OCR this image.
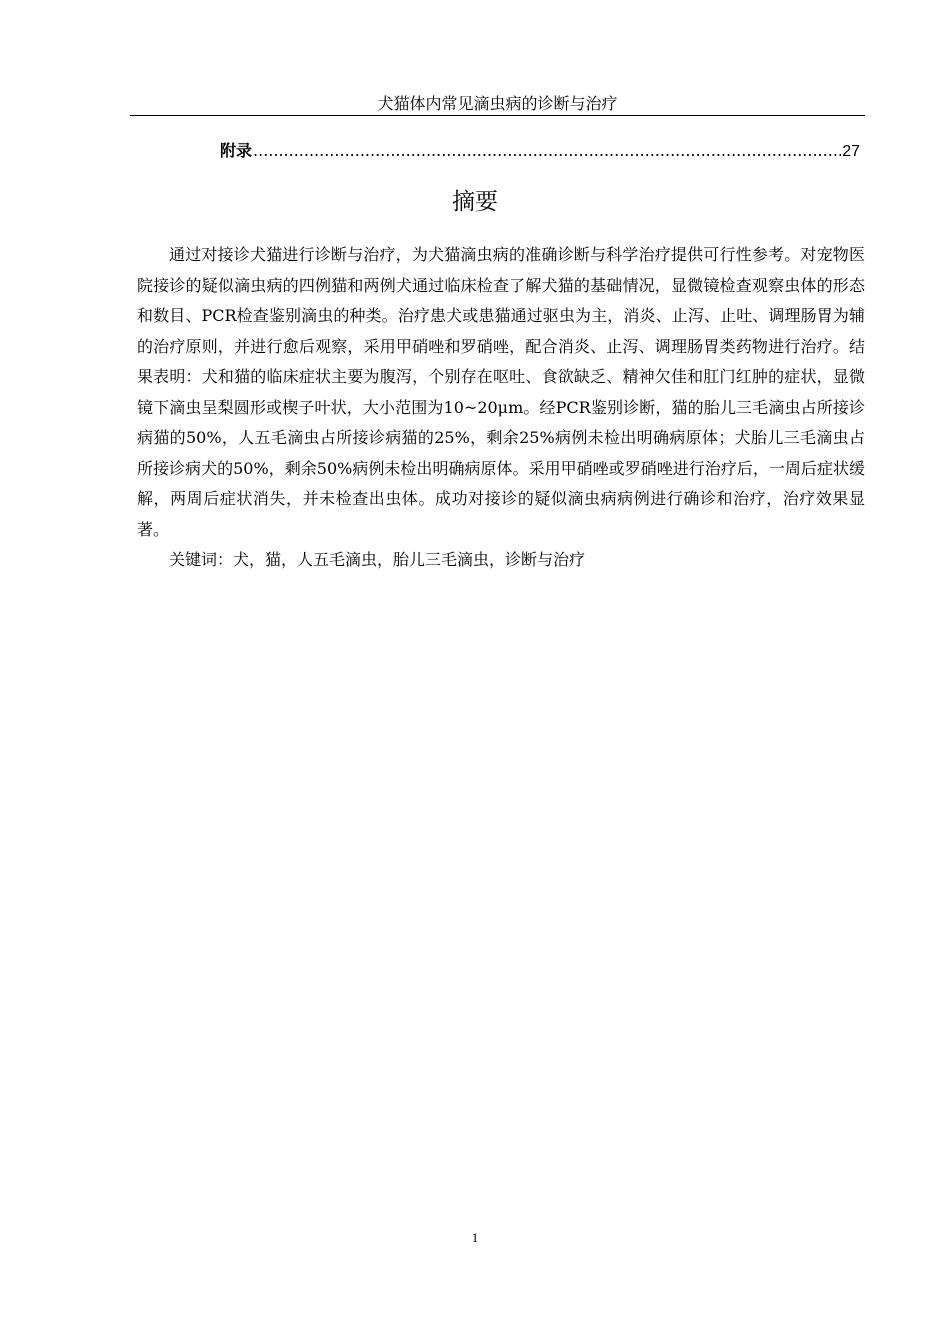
犬猫体内常见滴虫病的诊断与治疗
附录
.....	27
摘要

通过对接诊犬猫进行诊断与治疗，为犬猫滴虫病的准确诊断与科学治疗提供可行性参考。对宠物医院接诊的疑似滴虫病的四例猫和两例犬通过临床检查了解犬猫的基础情况，显微镜检查观察虫体的形态和数目、PCR检查鉴别滴虫的种类。治疗患犬或患猫通过驱虫为主，消炎、止泻、止吐、调理肠胃为辅的治疗原则，并进行愈后观察，采用甲硝唑和罗硝唑，配合消炎、止泻、调理肠胃类药物进行治疗。结果表明：犬和猫的临床症状主要为腹泻，个别存在呕吐、食欲缺乏、精神欠佳和肛门红肿的症状，显微镜下滴虫呈梨圆形或楔子叶状，大小范围为10~20μm。经PCR鉴别诊断，猫的胎儿三毛滴虫占所接诊病猫的50%，人五毛滴虫占所接诊病猫的25%，剩余25%病例未检出明确病原体；犬胎儿三毛滴虫占所接诊病犬的50%，剩余50%病例未检出明确病原体。采用甲硝唑或罗硝唑进行治疗后，一周后症状缓解，两周后症状消失，并未检查出虫体。成功对接诊的疑似滴虫病病例进行确诊和治疗，治疗效果显著。

关键词：犬，猫，人五毛滴虫，胎儿三毛滴虫，诊断与治疗

1
